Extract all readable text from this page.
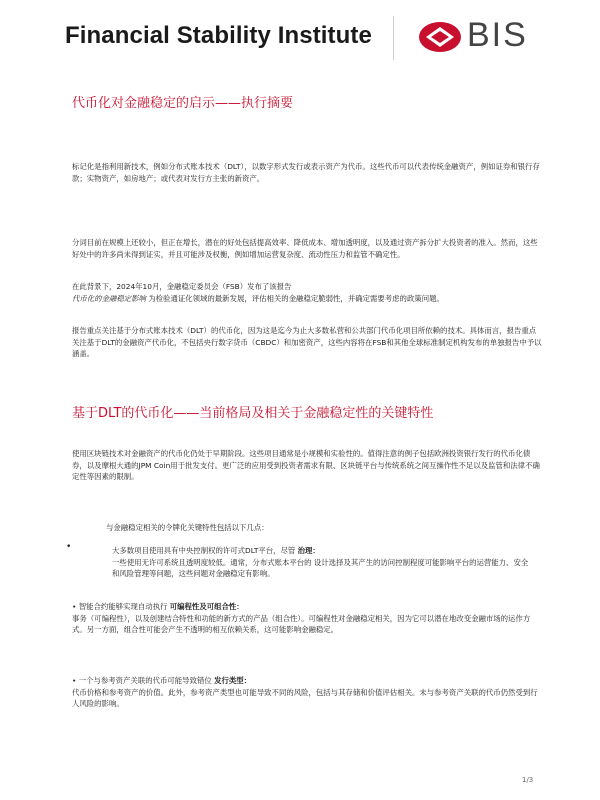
Financial Stability Institute	BIS
代币化对金融稳定的启示——执行摘要

标记化是指利用新技术，例如分布式账本技术（DLT），以数字形式发行或表示资产为代币。这些代币可以代表传统金融资产，例如证券和银行存款；实物资产，如房地产；或代表对发行方主张的新资产。

分词目前在规模上还较小，但正在增长，潜在的好处包括提高效率、降低成本、增加透明度，以及通过资产拆分扩大投资者的准入。然而，这些好处中的许多尚未得到证实，并且可能涉及权衡，例如增加运营复杂度、流动性压力和监管不确定性。

在此背景下，2024年10月，金融稳定委员会（FSB）发布了该报告

代币化的金融稳定影响 为检验通证化领域的最新发展，评估相关的金融稳定脆弱性，并确定需要考虑的政策问题。

报告重点关注基于分布式账本技术（DLT）的代币化，因为这是迄今为止大多数私营和公共部门代币化项目所依赖的技术。具体而言，报告重点关注基于DLT的金融资产代币化，不包括央行数字货币（CBDC）和加密资产，这些内容将在FSB和其他全球标准制定机构发布的单独报告中予以涵盖。

基于DLT的代币化——当前格局及相关于金融稳定性的关键特性

使用区块链技术对金融资产的代币化仍处于早期阶段。这些项目通常是小规模和实验性的。值得注意的例子包括欧洲投资银行发行的代币化债券，以及摩根大通的JPM Coin用于批发支付。更广泛的应用受到投资者需求有限、区块链平台与传统系统之间互操作性不足以及监管和法律不确定性等因素的限制。

与金融稳定相关的令牌化关键特性包括以下几点：

•	大多数项目使用具有中央控制权的许可式DLT平台，尽管 治理：

一些使用无许可系统且透明度较低。通常，分布式账本平台的 设计选择及其产生的访问控制程度可能影响平台的运营能力、安全和风险管理等问题，这些问题对金融稳定有影响。

• 智能合约能够实现自动执行 可编程性及可组合性：

事务（可编程性），以及创建结合特性和功能的新方式的产品（组合性）。可编程性对金融稳定相关，因为它可以潜在地改变金融市场的运作方式。另一方面，组合性可能会产生不透明的相互依赖关系，这可能影响金融稳定。

• 一个与参考资产关联的代币可能导致错位 发行类型：

代币价格和参考资产的价值。此外，参考资产类型也可能导致不同的风险，包括与其存储和价值评估相关。未与参考资产关联的代币仍然受到行人风险的影响。

1/3
